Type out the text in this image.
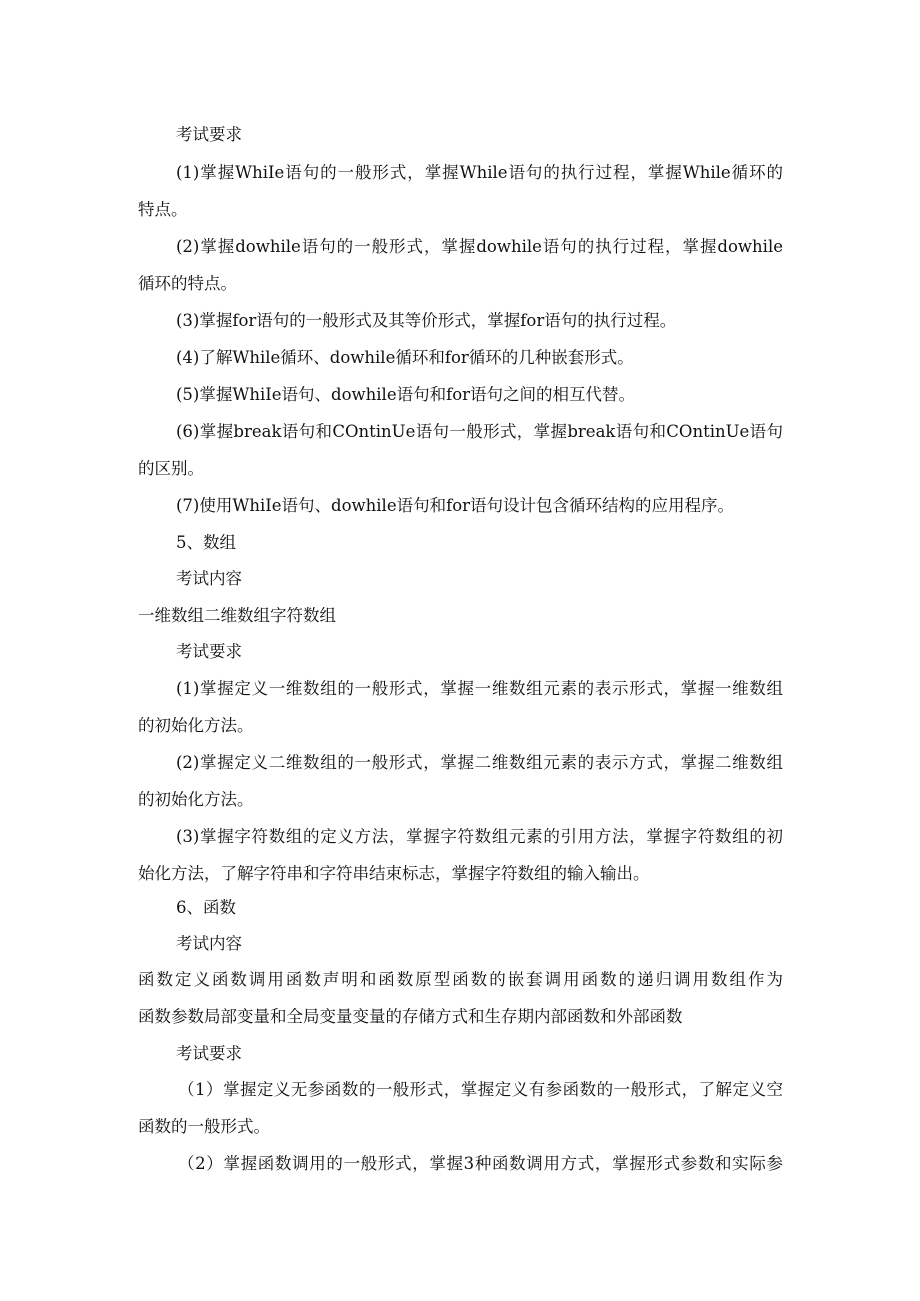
考试要求
(1)掌握WhiIe语句的一般形式，掌握While语句的执行过程，掌握While循环的
特点。
(2)掌握dowhile语句的一般形式，掌握dowhile语句的执行过程，掌握dowhile
循环的特点。
(3)掌握for语句的一般形式及其等价形式，掌握for语句的执行过程。
(4)了解While循环、dowhile循环和for循环的几种嵌套形式。
(5)掌握WhiIe语句、dowhile语句和for语句之间的相互代替。
(6)掌握break语句和COntinUe语句一般形式，掌握break语句和COntinUe语句
的区别。
(7)使用WhiIe语句、dowhile语句和for语句设计包含循环结构的应用程序。
5、数组
考试内容
一维数组二维数组字符数组
考试要求
(1)掌握定义一维数组的一般形式，掌握一维数组元素的表示形式，掌握一维数组
的初始化方法。
(2)掌握定义二维数组的一般形式，掌握二维数组元素的表示方式，掌握二维数组
的初始化方法。
(3)掌握字符数组的定义方法，掌握字符数组元素的引用方法，掌握字符数组的初
始化方法，了解字符串和字符串结束标志，掌握字符数组的输入输出。
6、函数
考试内容
函数定义函数调用函数声明和函数原型函数的嵌套调用函数的递归调用数组作为
函数参数局部变量和全局变量变量的存储方式和生存期内部函数和外部函数
考试要求
（1）掌握定义无参函数的一般形式，掌握定义有参函数的一般形式，了解定义空
函数的一般形式。
（2）掌握函数调用的一般形式，掌握3种函数调用方式，掌握形式参数和实际参
